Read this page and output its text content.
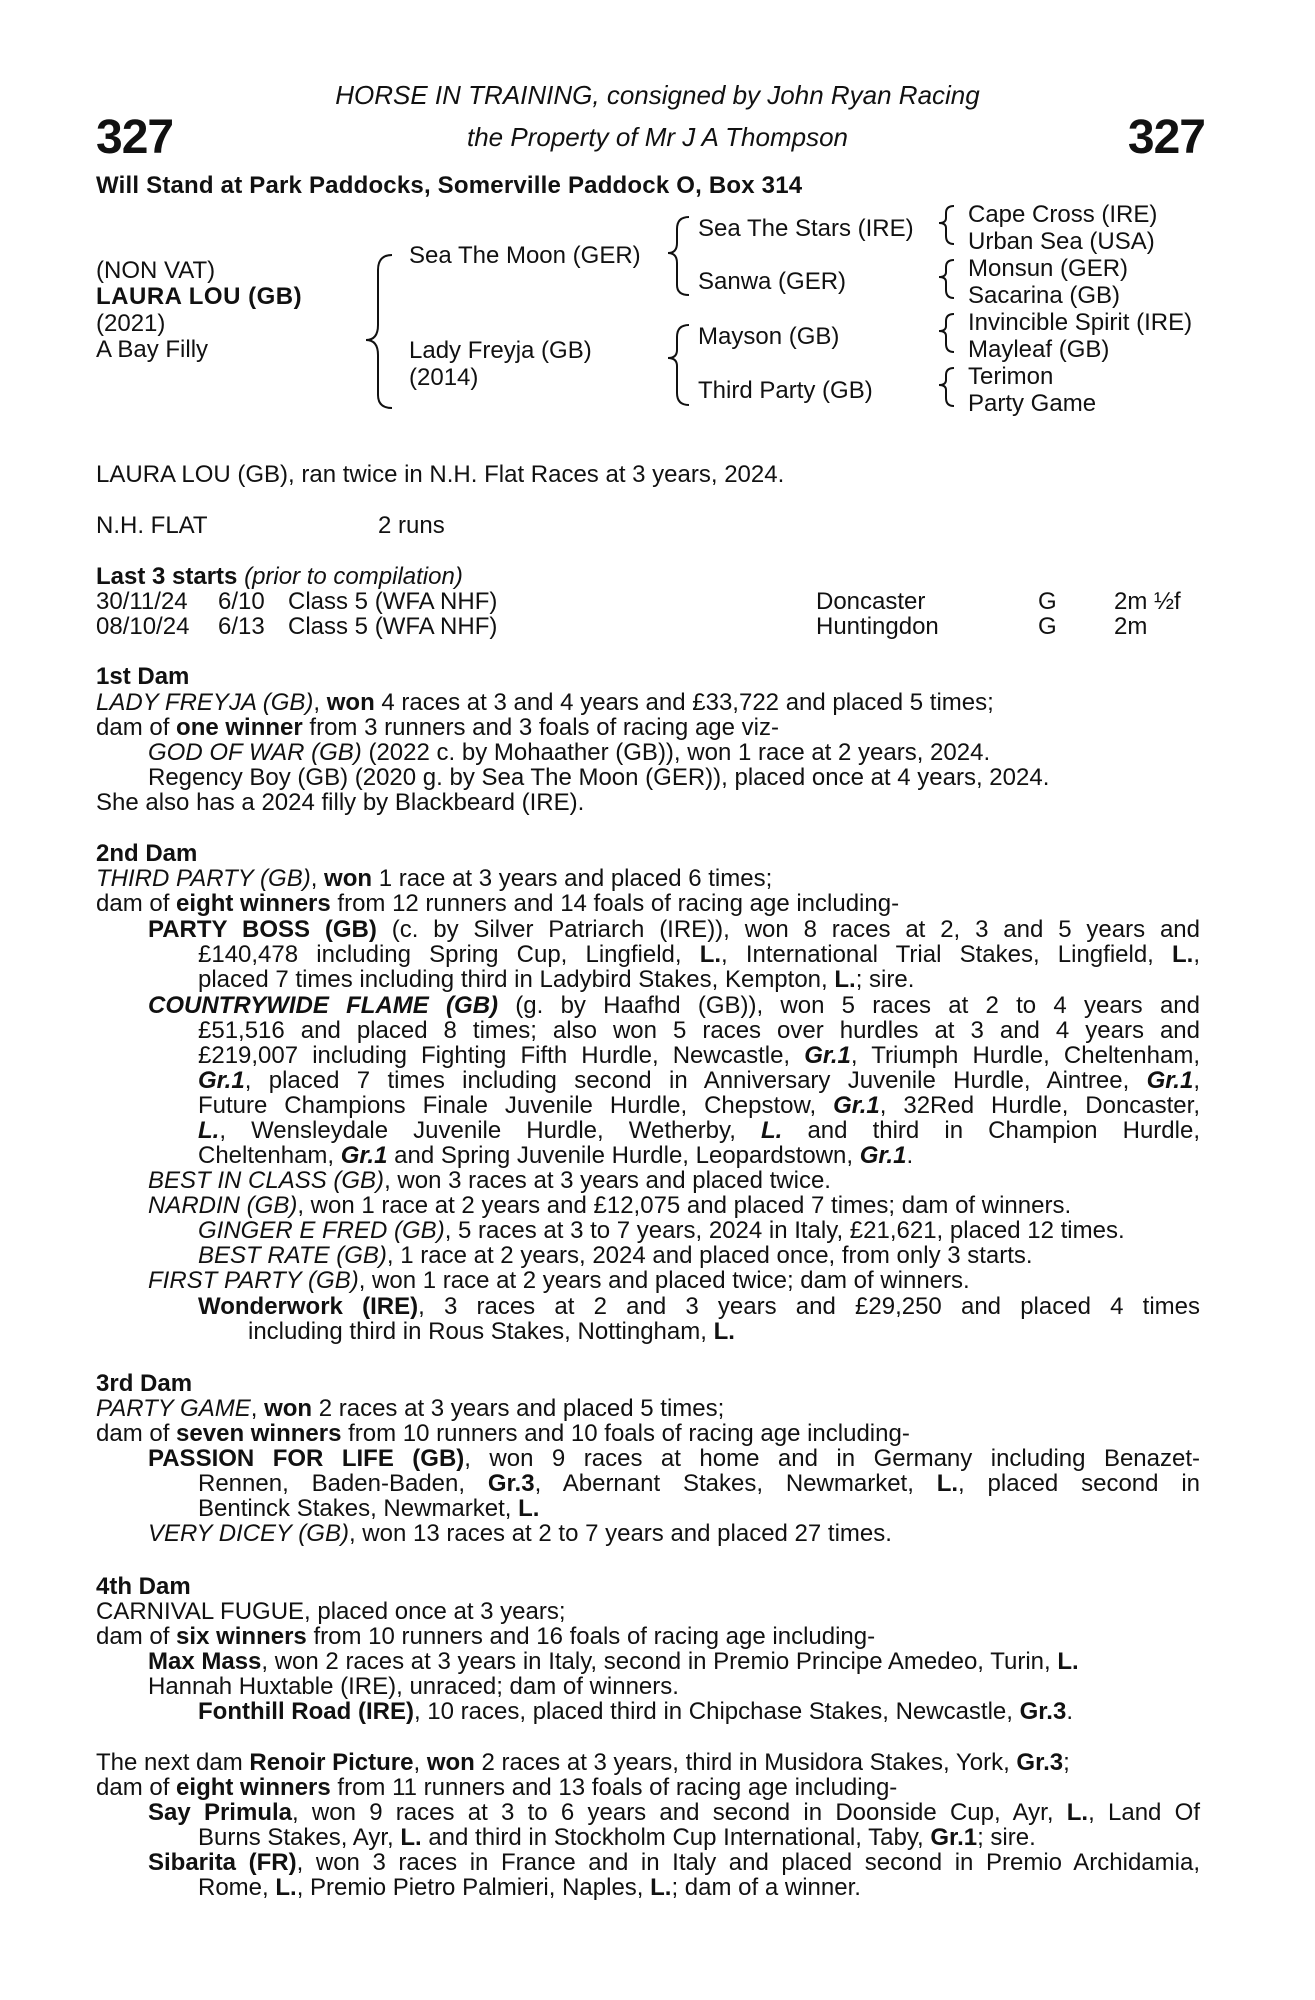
327	327
HORSE IN TRAINING, consigned by John Ryan Racing
the Property of Mr J A Thompson
Will Stand at Park Paddocks, Somerville Paddock O, Box 314
(NON VAT)
LAURA LOU (GB)
(2021)
A Bay Filly
Sea The Moon (GER)
Lady Freyja (GB)
(2014)
Sea The Stars (IRE)
Sanwa (GER)
Mayson (GB)
Third Party (GB)
Cape Cross (IRE)
Urban Sea (USA)
Monsun (GER)
Sacarina (GB)
Invincible Spirit (IRE)
Mayleaf (GB)
Terimon
Party Game
LAURA LOU (GB), ran twice in N.H. Flat Races at 3 years, 2024.
N.H. FLAT	2 runs
Last 3 starts (prior to compilation)
30/11/24 6/10 Class 5 (WFA NHF)	Doncaster	G 2m ½f
08/10/24 6/13 Class 5 (WFA NHF)	Huntingdon	G 2m
1st Dam
LADY FREYJA (GB), won 4 races at 3 and 4 years and £33,722 and placed 5 times;
dam of one winner from 3 runners and 3 foals of racing age viz-
GOD OF WAR (GB) (2022 c. by Mohaather (GB)), won 1 race at 2 years, 2024.
Regency Boy (GB) (2020 g. by Sea The Moon (GER)), placed once at 4 years, 2024.
She also has a 2024 filly by Blackbeard (IRE).
2nd Dam
THIRD PARTY (GB), won 1 race at 3 years and placed 6 times;
dam of eight winners from 12 runners and 14 foals of racing age including-
PARTY BOSS (GB) (c. by Silver Patriarch (IRE)), won 8 races at 2, 3 and 5 years and
£140,478 including Spring Cup, Lingfield, L., International Trial Stakes, Lingfield, L.,
placed 7 times including third in Ladybird Stakes, Kempton, L.; sire.
COUNTRYWIDE FLAME (GB) (g. by Haafhd (GB)), won 5 races at 2 to 4 years and
£51,516 and placed 8 times; also won 5 races over hurdles at 3 and 4 years and
£219,007 including Fighting Fifth Hurdle, Newcastle, Gr.1, Triumph Hurdle, Cheltenham,
Gr.1, placed 7 times including second in Anniversary Juvenile Hurdle, Aintree, Gr.1,
Future Champions Finale Juvenile Hurdle, Chepstow, Gr.1, 32Red Hurdle, Doncaster,
L., Wensleydale Juvenile Hurdle, Wetherby, L. and third in Champion Hurdle,
Cheltenham, Gr.1 and Spring Juvenile Hurdle, Leopardstown, Gr.1.
BEST IN CLASS (GB), won 3 races at 3 years and placed twice.
NARDIN (GB), won 1 race at 2 years and £12,075 and placed 7 times; dam of winners.
GINGER E FRED (GB), 5 races at 3 to 7 years, 2024 in Italy, £21,621, placed 12 times.
BEST RATE (GB), 1 race at 2 years, 2024 and placed once, from only 3 starts.
FIRST PARTY (GB), won 1 race at 2 years and placed twice; dam of winners.
Wonderwork (IRE), 3 races at 2 and 3 years and £29,250 and placed 4 times
including third in Rous Stakes, Nottingham, L.
3rd Dam
PARTY GAME, won 2 races at 3 years and placed 5 times;
dam of seven winners from 10 runners and 10 foals of racing age including-
PASSION FOR LIFE (GB), won 9 races at home and in Germany including Benazet-
Rennen, Baden-Baden, Gr.3, Abernant Stakes, Newmarket, L., placed second in
Bentinck Stakes, Newmarket, L.
VERY DICEY (GB), won 13 races at 2 to 7 years and placed 27 times.
4th Dam
CARNIVAL FUGUE, placed once at 3 years;
dam of six winners from 10 runners and 16 foals of racing age including-
Max Mass, won 2 races at 3 years in Italy, second in Premio Principe Amedeo, Turin, L.
Hannah Huxtable (IRE), unraced; dam of winners.
Fonthill Road (IRE), 10 races, placed third in Chipchase Stakes, Newcastle, Gr.3.
The next dam Renoir Picture, won 2 races at 3 years, third in Musidora Stakes, York, Gr.3;
dam of eight winners from 11 runners and 13 foals of racing age including-
Say Primula, won 9 races at 3 to 6 years and second in Doonside Cup, Ayr, L., Land Of
Burns Stakes, Ayr, L. and third in Stockholm Cup International, Taby, Gr.1; sire.
Sibarita (FR), won 3 races in France and in Italy and placed second in Premio Archidamia,
Rome, L., Premio Pietro Palmieri, Naples, L.; dam of a winner.
